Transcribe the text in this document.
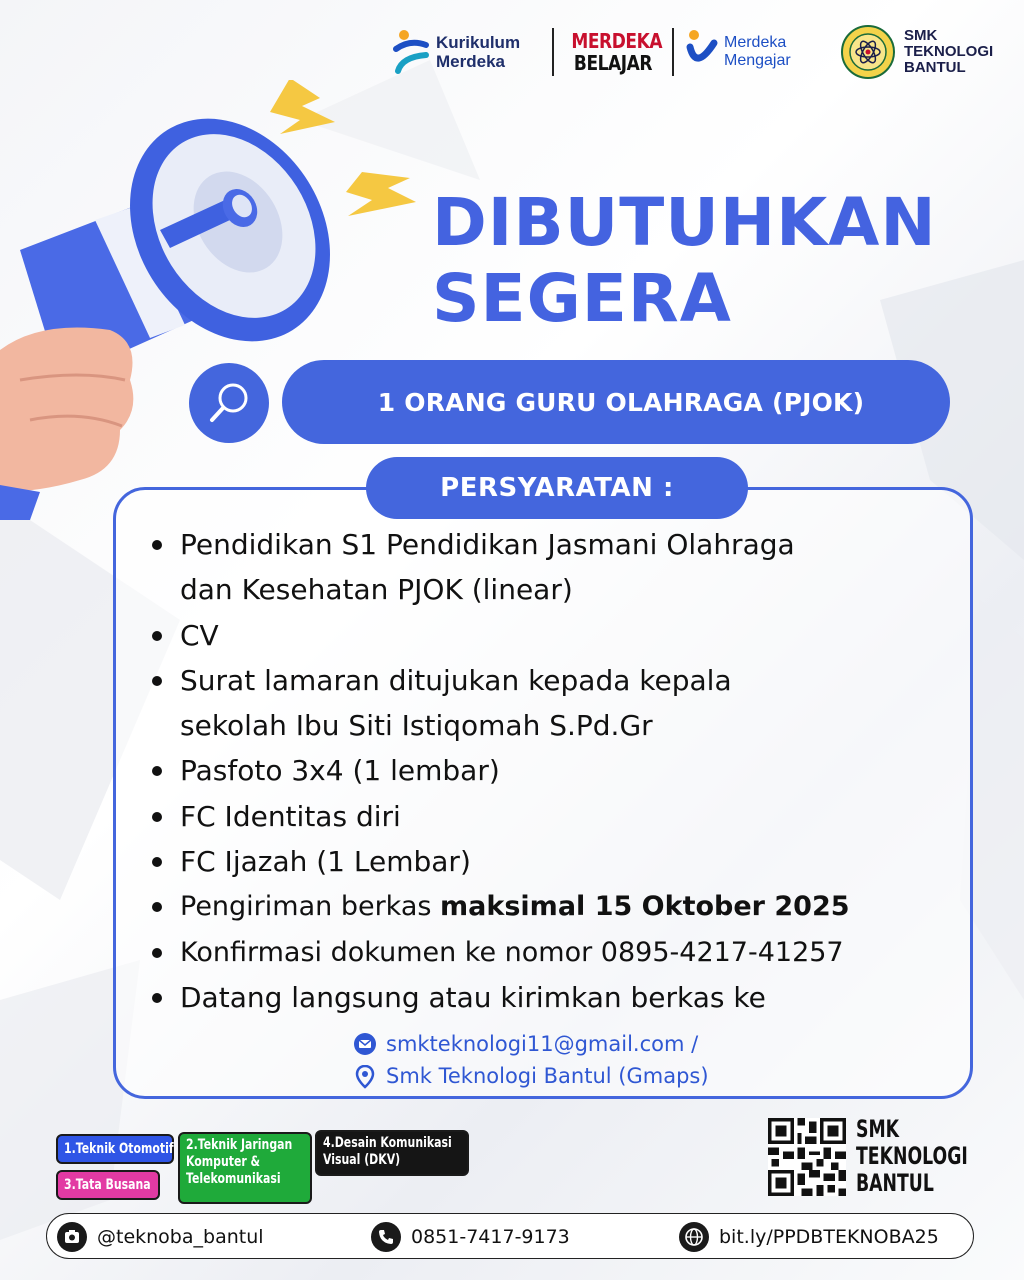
Kurikulum
Merdeka
MERDEKA
BELAJAR
Merdeka
Mengajar
SMK
TEKNOLOGI
BANTUL
DIBUTUHKAN
SEGERA
1 ORANG GURU OLAHRAGA (PJOK)
PERSYARATAN :
Pendidikan S1 Pendidikan Jasmani Olahraga
dan Kesehatan PJOK (linear)
CV
Surat lamaran ditujukan kepada kepala
sekolah Ibu Siti Istiqomah S.Pd.Gr
Pasfoto 3x4 (1 lembar)
FC Identitas diri
FC Ijazah (1 Lembar)
Pengiriman berkas maksimal 15 Oktober 2025
Konfirmasi dokumen ke nomor 0895-4217-41257
Datang langsung atau kirimkan berkas ke
smkteknologi11@gmail.com /
Smk Teknologi Bantul (Gmaps)
1.Teknik Otomotif
3.Tata Busana
2.Teknik Jaringan
Komputer &
Telekomunikasi
4.Desain Komunikasi
Visual (DKV)
SMK
TEKNOLOGI
BANTUL
@teknoba_bantul	0851-7417-9173	bit.ly/PPDBTEKNOBA25
